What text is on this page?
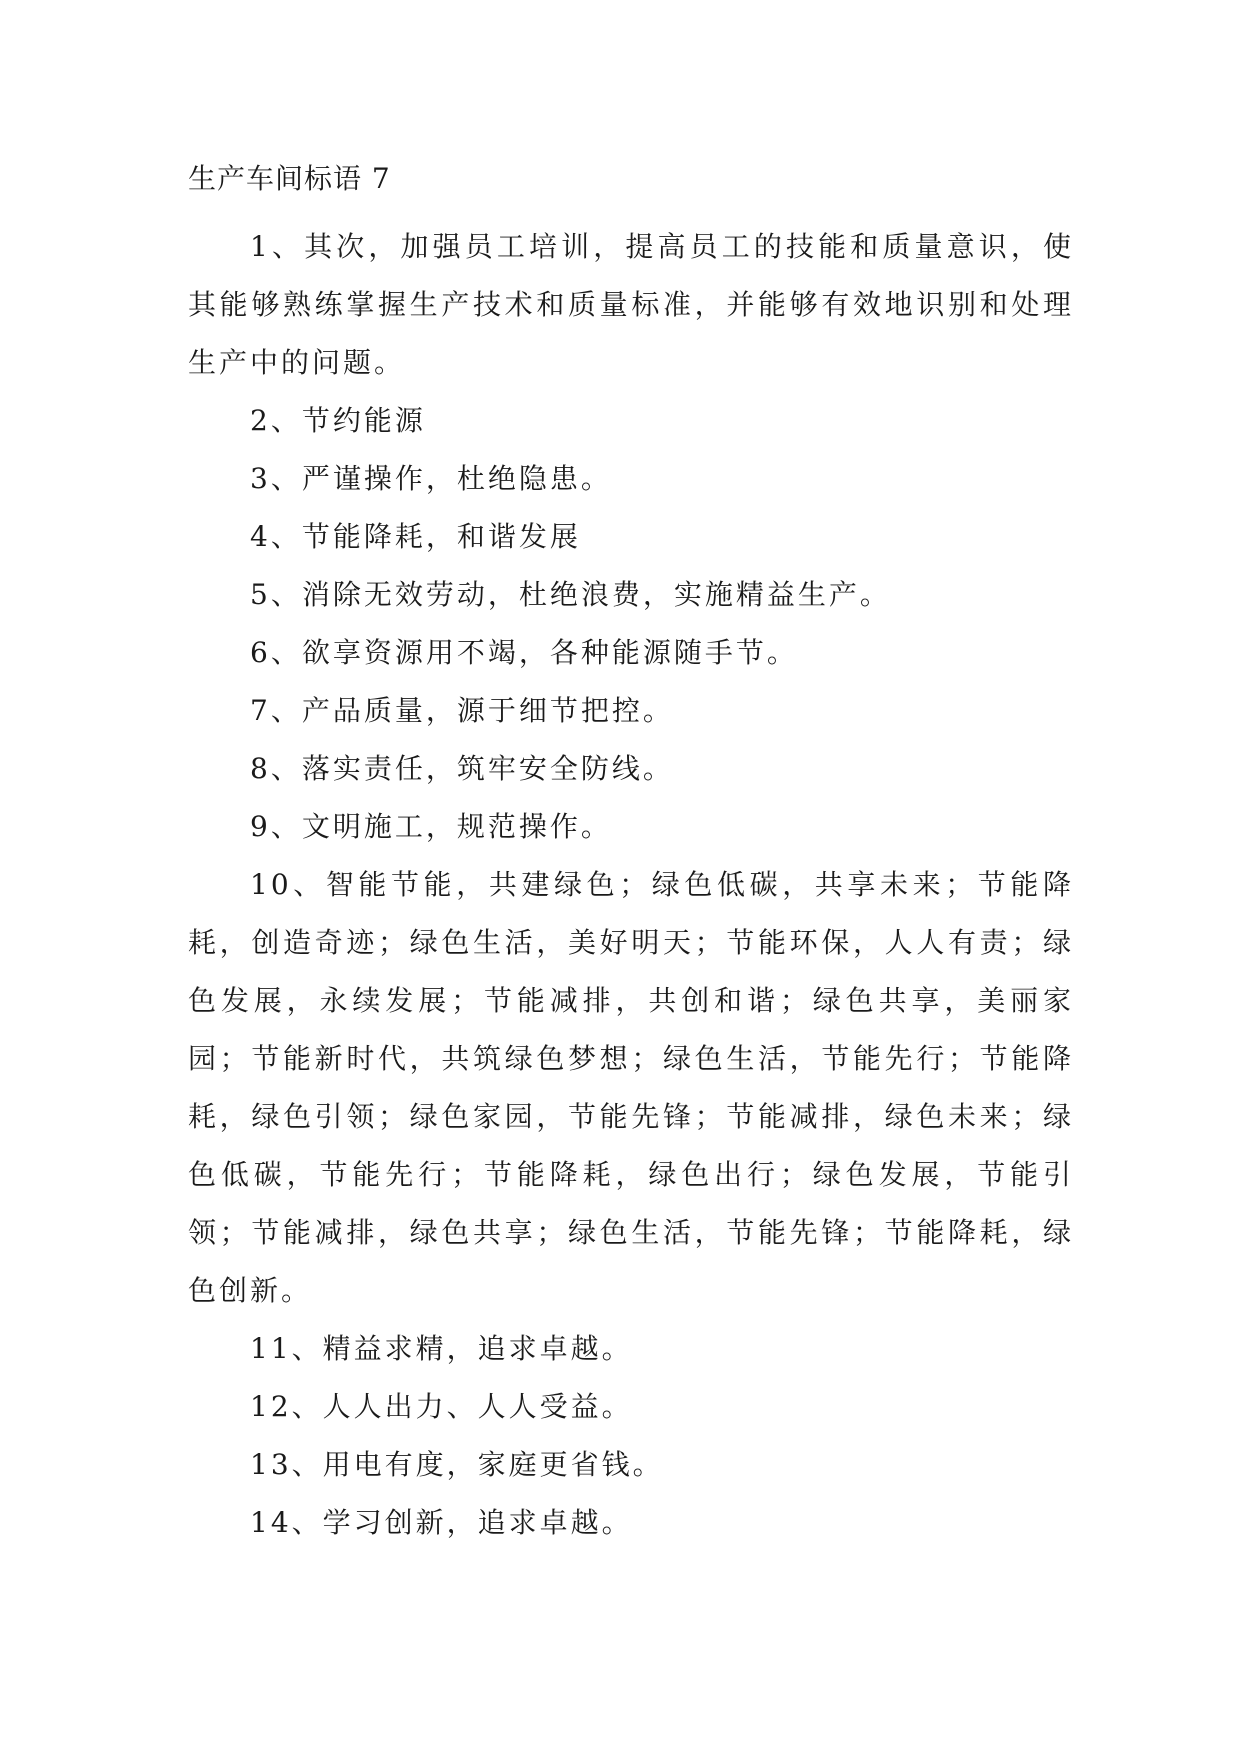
生产车间标语 7

1、其次，加强员工培训，提高员工的技能和质量意识，使其能够熟练掌握生产技术和质量标准，并能够有效地识别和处理生产中的问题。

2、节约能源

3、严谨操作，杜绝隐患。

4、节能降耗，和谐发展

5、消除无效劳动，杜绝浪费，实施精益生产。

6、欲享资源用不竭，各种能源随手节。

7、产品质量，源于细节把控。

8、落实责任，筑牢安全防线。

9、文明施工，规范操作。

10、智能节能，共建绿色；绿色低碳，共享未来；节能降耗，创造奇迹；绿色生活，美好明天；节能环保，人人有责；绿色发展，永续发展；节能减排，共创和谐；绿色共享，美丽家园；节能新时代，共筑绿色梦想；绿色生活，节能先行；节能降耗，绿色引领；绿色家园，节能先锋；节能减排，绿色未来；绿色低碳，节能先行；节能降耗，绿色出行；绿色发展，节能引领；节能减排，绿色共享；绿色生活，节能先锋；节能降耗，绿色创新。

11、精益求精，追求卓越。

12、人人出力、人人受益。

13、用电有度，家庭更省钱。

14、学习创新，追求卓越。
